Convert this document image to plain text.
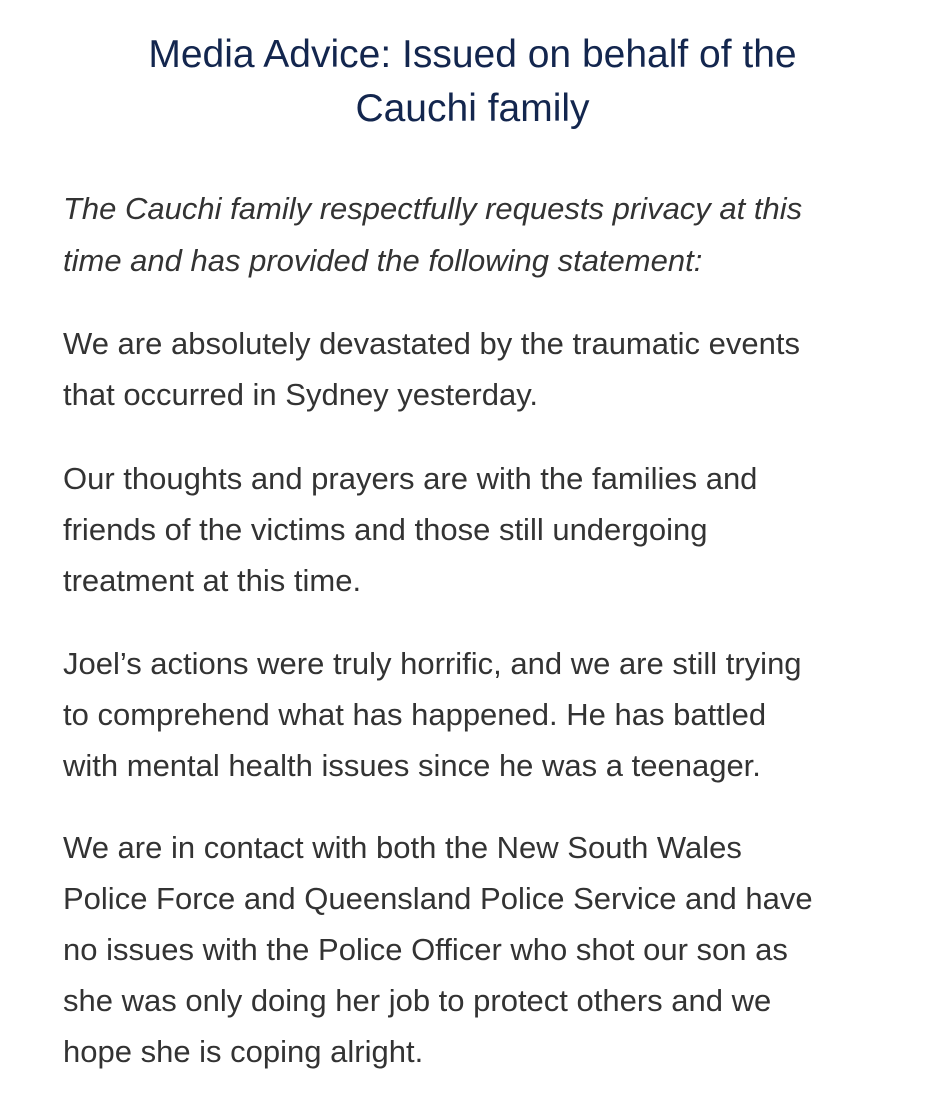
Media Advice: Issued on behalf of the
Cauchi family

The Cauchi family respectfully requests privacy at this
time and has provided the following statement:

We are absolutely devastated by the traumatic events
that occurred in Sydney yesterday.

Our thoughts and prayers are with the families and
friends of the victims and those still undergoing
treatment at this time.

Joel’s actions were truly horrific, and we are still trying
to comprehend what has happened. He has battled
with mental health issues since he was a teenager.

We are in contact with both the New South Wales
Police Force and Queensland Police Service and have
no issues with the Police Officer who shot our son as
she was only doing her job to protect others and we
hope she is coping alright.
